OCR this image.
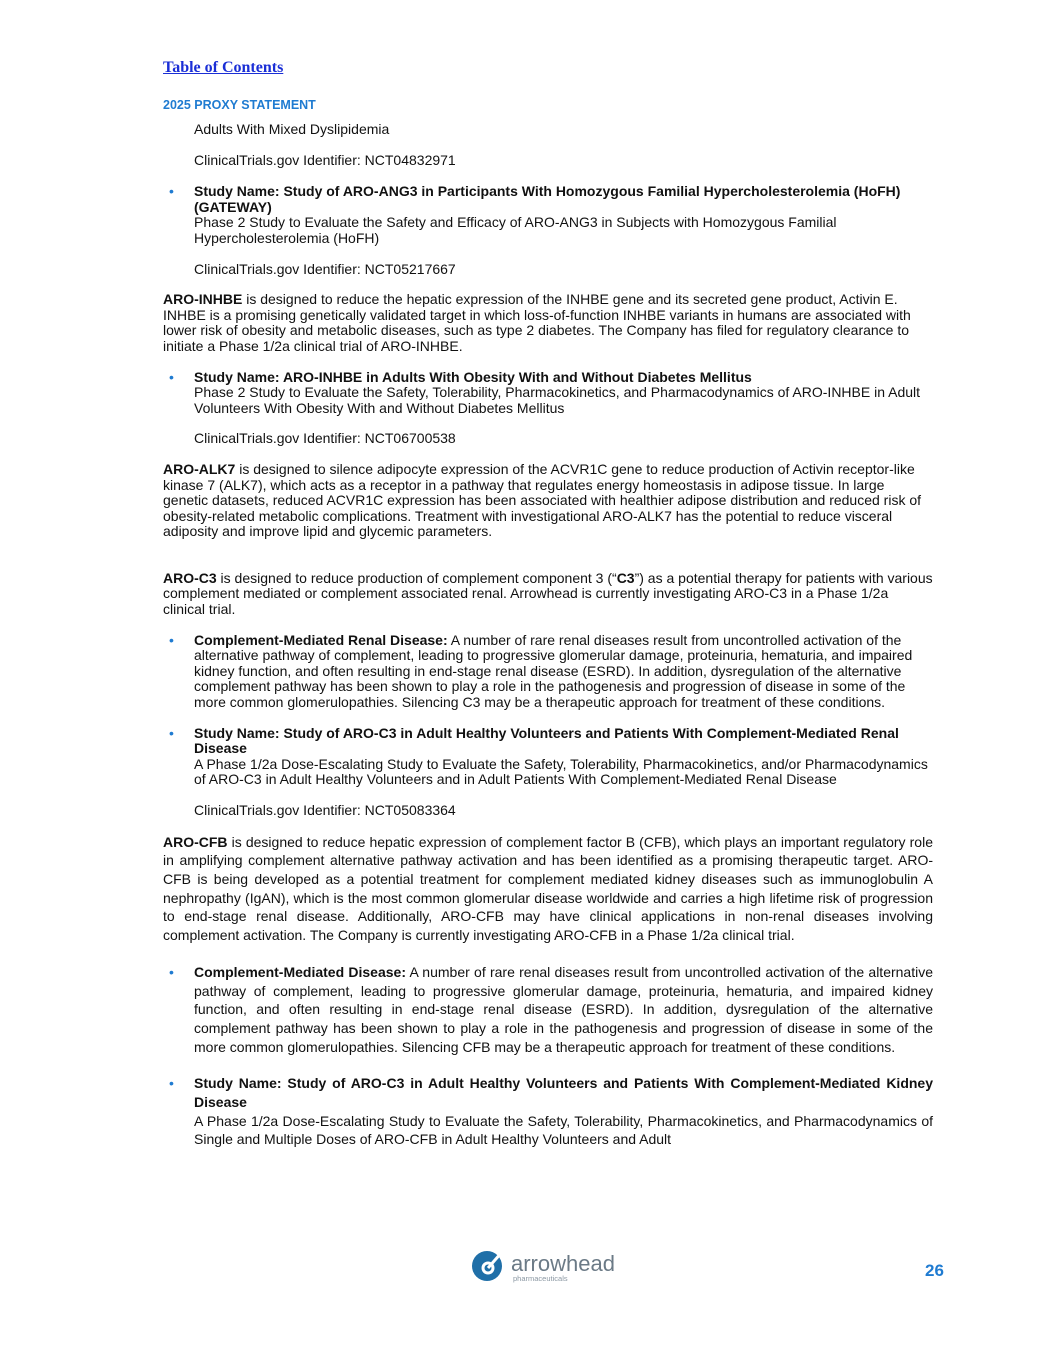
Table of Contents
2025 PROXY STATEMENT

Adults With Mixed Dyslipidemia

ClinicalTrials.gov Identifier: NCT04832971

• Study Name: Study of ARO-ANG3 in Participants With Homozygous Familial Hypercholesterolemia (HoFH) (GATEWAY)
Phase 2 Study to Evaluate the Safety and Efficacy of ARO-ANG3 in Subjects with Homozygous Familial Hypercholesterolemia (HoFH)

ClinicalTrials.gov Identifier: NCT05217667

ARO-INHBE is designed to reduce the hepatic expression of the INHBE gene and its secreted gene product, Activin E. INHBE is a promising genetically validated target in which loss-of-function INHBE variants in humans are associated with lower risk of obesity and metabolic diseases, such as type 2 diabetes. The Company has filed for regulatory clearance to initiate a Phase 1/2a clinical trial of ARO-INHBE.

• Study Name: ARO-INHBE in Adults With Obesity With and Without Diabetes Mellitus
Phase 2 Study to Evaluate the Safety, Tolerability, Pharmacokinetics, and Pharmacodynamics of ARO-INHBE in Adult Volunteers With Obesity With and Without Diabetes Mellitus

ClinicalTrials.gov Identifier: NCT06700538

ARO-ALK7 is designed to silence adipocyte expression of the ACVR1C gene to reduce production of Activin receptor-like kinase 7 (ALK7), which acts as a receptor in a pathway that regulates energy homeostasis in adipose tissue. In large genetic datasets, reduced ACVR1C expression has been associated with healthier adipose distribution and reduced risk of obesity-related metabolic complications. Treatment with investigational ARO-ALK7 has the potential to reduce visceral adiposity and improve lipid and glycemic parameters.

ARO-C3 is designed to reduce production of complement component 3 (“C3”) as a potential therapy for patients with various complement mediated or complement associated renal. Arrowhead is currently investigating ARO-C3 in a Phase 1/2a clinical trial.

• Complement-Mediated Renal Disease: A number of rare renal diseases result from uncontrolled activation of the alternative pathway of complement, leading to progressive glomerular damage, proteinuria, hematuria, and impaired kidney function, and often resulting in end-stage renal disease (ESRD). In addition, dysregulation of the alternative complement pathway has been shown to play a role in the pathogenesis and progression of disease in some of the more common glomerulopathies. Silencing C3 may be a therapeutic approach for treatment of these conditions.
• Study Name: Study of ARO-C3 in Adult Healthy Volunteers and Patients With Complement-Mediated Renal Disease
A Phase 1/2a Dose-Escalating Study to Evaluate the Safety, Tolerability, Pharmacokinetics, and/or Pharmacodynamics of ARO-C3 in Adult Healthy Volunteers and in Adult Patients With Complement-Mediated Renal Disease

ClinicalTrials.gov Identifier: NCT05083364

ARO-CFB is designed to reduce hepatic expression of complement factor B (CFB), which plays an important regulatory role in amplifying complement alternative pathway activation and has been identified as a promising therapeutic target. ARO-CFB is being developed as a potential treatment for complement mediated kidney diseases such as immunoglobulin A nephropathy (IgAN), which is the most common glomerular disease worldwide and carries a high lifetime risk of progression to end-stage renal disease. Additionally, ARO-CFB may have clinical applications in non-renal diseases involving complement activation. The Company is currently investigating ARO-CFB in a Phase 1/2a clinical trial.

• Complement-Mediated Disease: A number of rare renal diseases result from uncontrolled activation of the alternative pathway of complement, leading to progressive glomerular damage, proteinuria, hematuria, and impaired kidney function, and often resulting in end-stage renal disease (ESRD). In addition, dysregulation of the alternative complement pathway has been shown to play a role in the pathogenesis and progression of disease in some of the more common glomerulopathies. Silencing CFB may be a therapeutic approach for treatment of these conditions.
• Study Name: Study of ARO-C3 in Adult Healthy Volunteers and Patients With Complement-Mediated Kidney Disease
A Phase 1/2a Dose-Escalating Study to Evaluate the Safety, Tolerability, Pharmacokinetics, and Pharmacodynamics of Single and Multiple Doses of ARO-CFB in Adult Healthy Volunteers and Adult
arrowhead
pharmaceuticals	26
